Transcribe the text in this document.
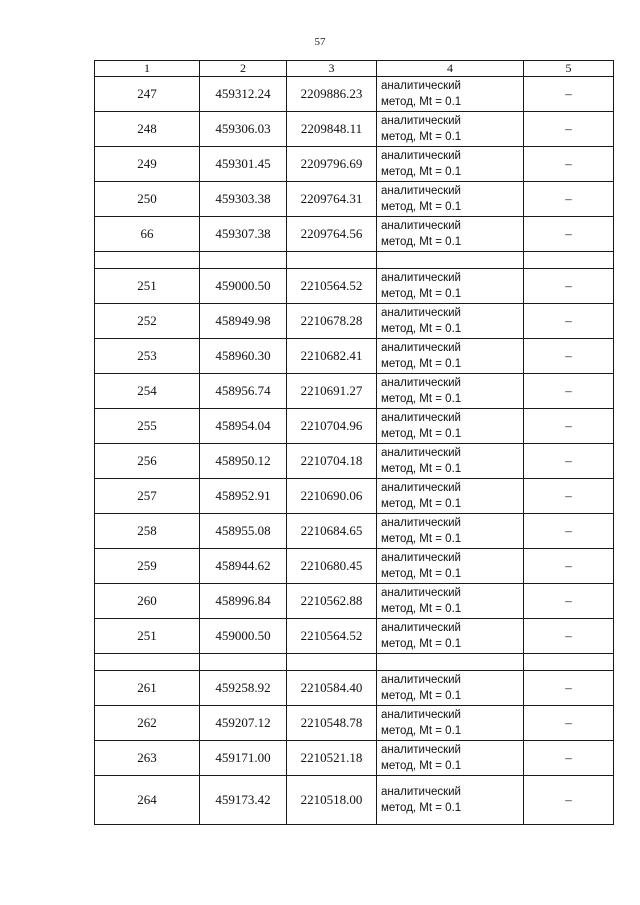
57
1	2	3	4	5
247	459312.24	2209886.23	аналитический
метод, Mt = 0.1	–
248	459306.03	2209848.11	аналитический
метод, Mt = 0.1	–
249	459301.45	2209796.69	аналитический
метод, Mt = 0.1	–
250	459303.38	2209764.31	аналитический
метод, Mt = 0.1	–
66	459307.38	2209764.56	аналитический
метод, Mt = 0.1	–

251	459000.50	2210564.52	аналитический
метод, Mt = 0.1	–
252	458949.98	2210678.28	аналитический
метод, Mt = 0.1	–
253	458960.30	2210682.41	аналитический
метод, Mt = 0.1	–
254	458956.74	2210691.27	аналитический
метод, Mt = 0.1	–
255	458954.04	2210704.96	аналитический
метод, Mt = 0.1	–
256	458950.12	2210704.18	аналитический
метод, Mt = 0.1	–
257	458952.91	2210690.06	аналитический
метод, Mt = 0.1	–
258	458955.08	2210684.65	аналитический
метод, Mt = 0.1	–
259	458944.62	2210680.45	аналитический
метод, Mt = 0.1	–
260	458996.84	2210562.88	аналитический
метод, Mt = 0.1	–
251	459000.50	2210564.52	аналитический
метод, Mt = 0.1	–

261	459258.92	2210584.40	аналитический
метод, Mt = 0.1	–
262	459207.12	2210548.78	аналитический
метод, Mt = 0.1	–
263	459171.00	2210521.18	аналитический
метод, Mt = 0.1	–
264	459173.42	2210518.00	аналитический
метод, Mt = 0.1	–
